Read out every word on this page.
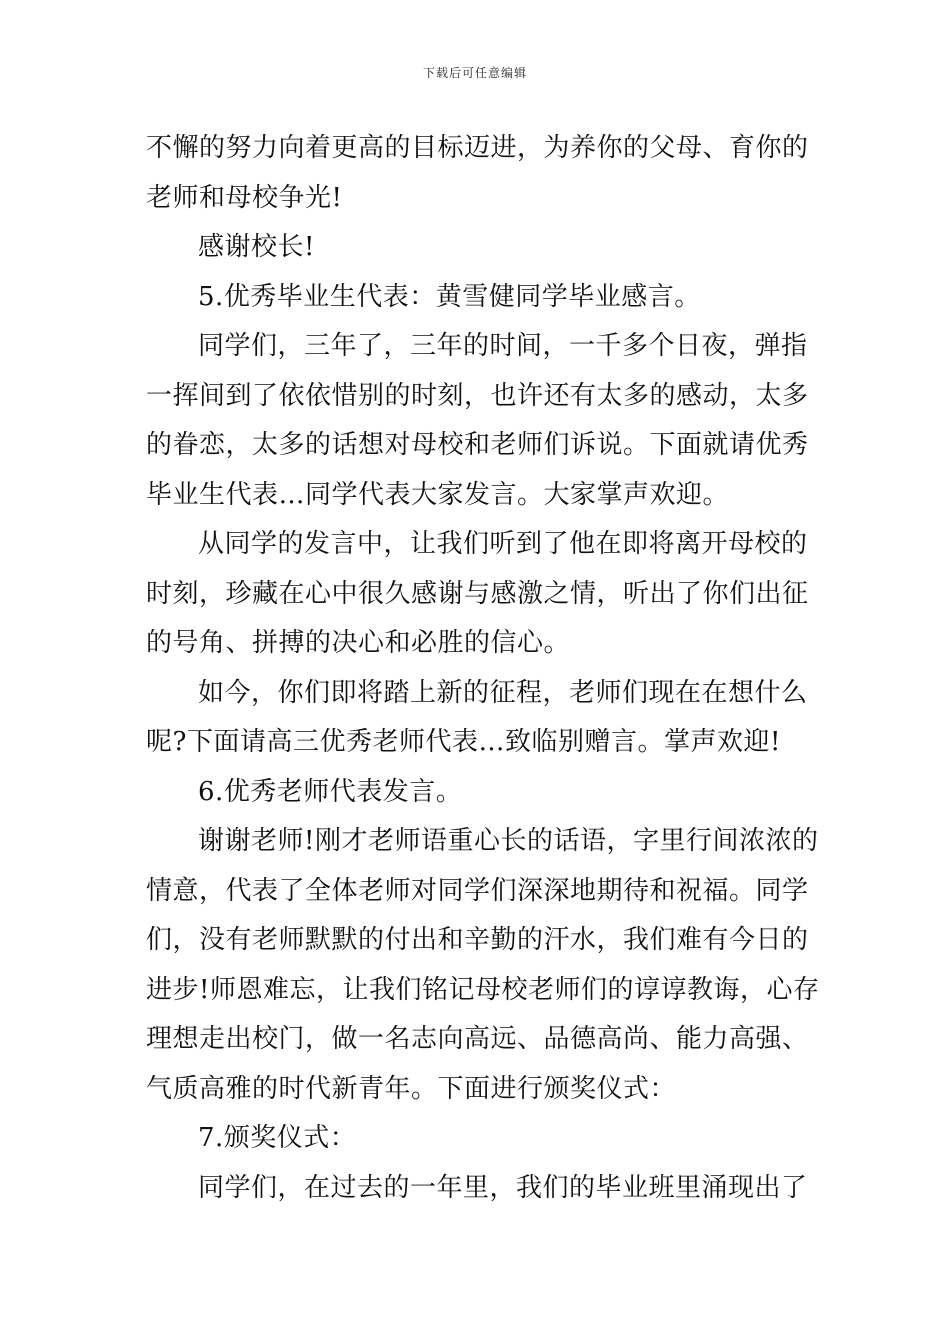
下载后可任意编辑
不懈的努力向着更高的目标迈进，为养你的父母、育你的
老师和母校争光!
感谢校长!
5.优秀毕业生代表：黄雪健同学毕业感言。
同学们，三年了，三年的时间，一千多个日夜，弹指
一挥间到了依依惜别的时刻，也许还有太多的感动，太多
的眷恋，太多的话想对母校和老师们诉说。下面就请优秀
毕业生代表…同学代表大家发言。大家掌声欢迎。
从同学的发言中，让我们听到了他在即将离开母校的
时刻，珍藏在心中很久感谢与感激之情，听出了你们出征
的号角、拼搏的决心和必胜的信心。
如今，你们即将踏上新的征程，老师们现在在想什么
呢?下面请高三优秀老师代表…致临别赠言。掌声欢迎!
6.优秀老师代表发言。
谢谢老师!刚才老师语重心长的话语，字里行间浓浓的
情意，代表了全体老师对同学们深深地期待和祝福。同学
们，没有老师默默的付出和辛勤的汗水，我们难有今日的
进步!师恩难忘，让我们铭记母校老师们的谆谆教诲，心存
理想走出校门，做一名志向高远、品德高尚、能力高强、
气质高雅的时代新青年。下面进行颁奖仪式：
7.颁奖仪式：
同学们，在过去的一年里，我们的毕业班里涌现出了
